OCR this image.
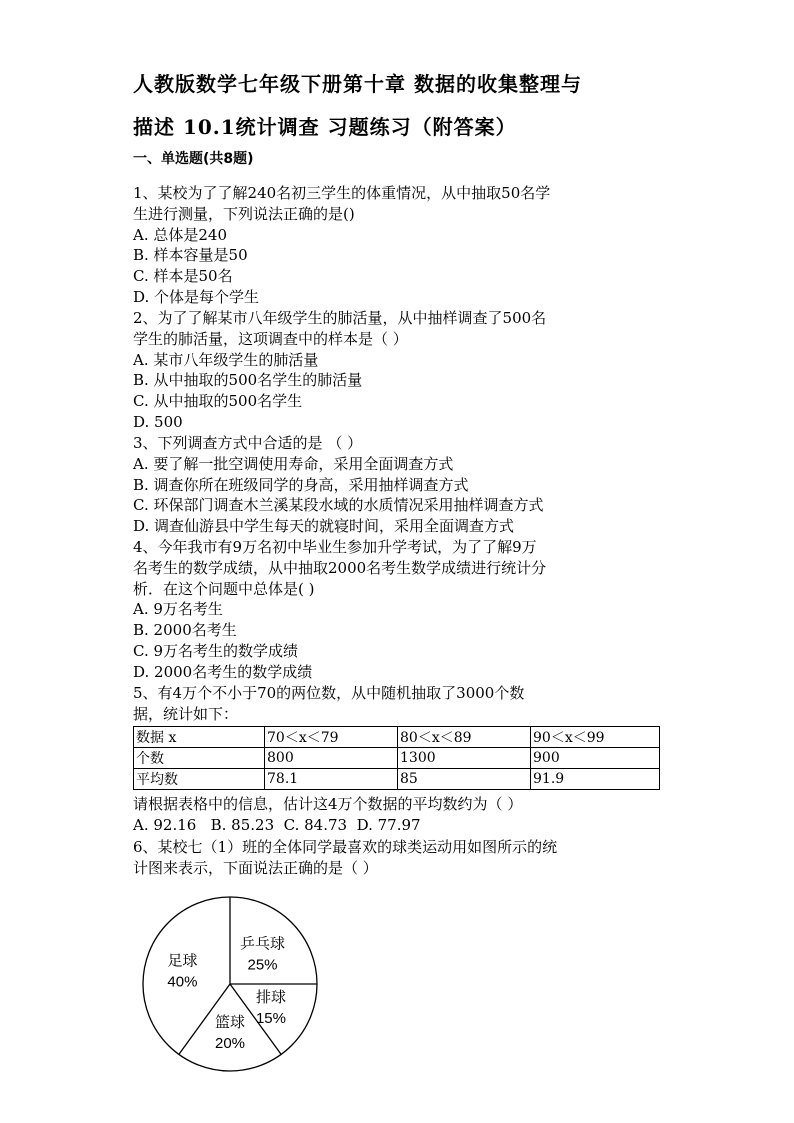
人教版数学七年级下册第十章 数据的收集整理与
描述 10.1统计调查 习题练习（附答案）
一、单选题(共8题)
1、某校为了了解240名初三学生的体重情况，从中抽取50名学
生进行测量，下列说法正确的是()
A. 总体是240
B. 样本容量是50
C. 样本是50名
D. 个体是每个学生
2、为了了解某市八年级学生的肺活量，从中抽样调查了500名
学生的肺活量，这项调查中的样本是（ ）
A. 某市八年级学生的肺活量
B. 从中抽取的500名学生的肺活量
C. 从中抽取的500名学生
D. 500
3、下列调查方式中合适的是 （ ）
A. 要了解一批空调使用寿命，采用全面调查方式
B. 调查你所在班级同学的身高，采用抽样调查方式
C. 环保部门调查木兰溪某段水域的水质情况采用抽样调查方式
D. 调查仙游县中学生每天的就寝时间，采用全面调查方式
4、今年我市有9万名初中毕业生参加升学考试，为了了解9万
名考生的数学成绩，从中抽取2000名考生数学成绩进行统计分
析．在这个问题中总体是( )
A. 9万名考生
B. 2000名考生
C. 9万名考生的数学成绩
D. 2000名考生的数学成绩
5、有4万个不小于70的两位数，从中随机抽取了3000个数
据，统计如下：
数据 x	70＜x＜79	80＜x＜89	90＜x＜99
个数	800	1300	900
平均数	78.1	85	91.9
请根据表格中的信息，估计这4万个数据的平均数约为（ ）
A. 92.16   B. 85.23  C. 84.73  D. 77.97
6、某校七（1）班的全体同学最喜欢的球类运动用如图所示的统
计图来表示，下面说法正确的是（ ）
乒乓球
25%
排球
15%
篮球
20%
足球
40%
